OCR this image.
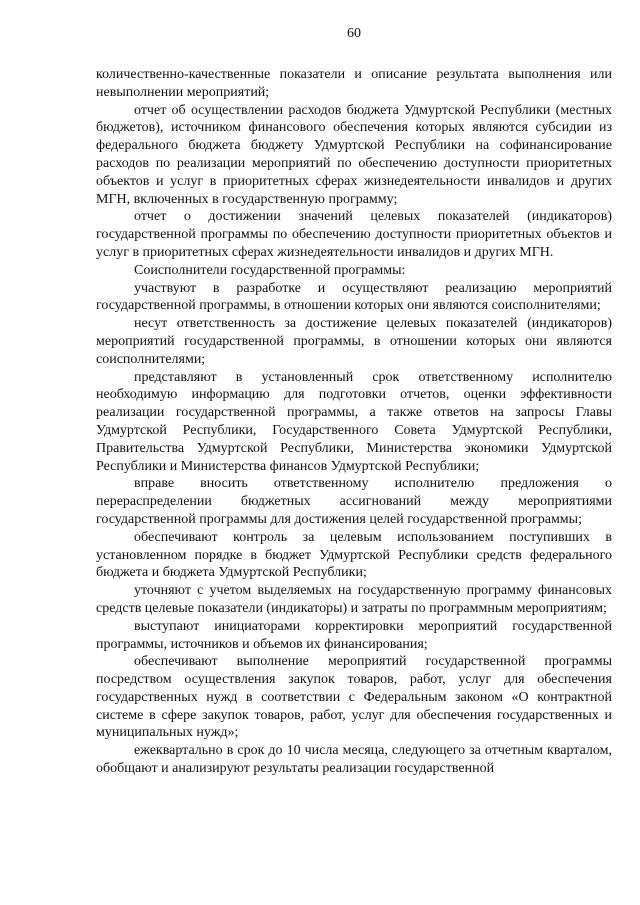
60

количественно-качественные показатели и описание результата выполнения или невыполнении мероприятий;

отчет об осуществлении расходов бюджета Удмуртской Республики (местных бюджетов), источником финансового обеспечения которых являются субсидии из федерального бюджета бюджету Удмуртской Республики на софинансирование расходов по реализации мероприятий по обеспечению доступности приоритетных объектов и услуг в приоритетных сферах жизнедеятельности инвалидов и других МГН, включенных в государственную программу;

отчет о достижении значений целевых показателей (индикаторов) государственной программы по обеспечению доступности приоритетных объектов и услуг в приоритетных сферах жизнедеятельности инвалидов и других МГН.

Соисполнители государственной программы:

участвуют в разработке и осуществляют реализацию мероприятий государственной программы, в отношении которых они являются соисполнителями;

несут ответственность за достижение целевых показателей (индикаторов) мероприятий государственной программы, в отношении которых они являются соисполнителями;

представляют в установленный срок ответственному исполнителю необходимую информацию для подготовки отчетов, оценки эффективности реализации государственной программы, а также ответов на запросы Главы Удмуртской Республики, Государственного Совета Удмуртской Республики, Правительства Удмуртской Республики, Министерства экономики Удмуртской Республики и Министерства финансов Удмуртской Республики;

вправе вносить ответственному исполнителю предложения о перераспределении бюджетных ассигнований между мероприятиями государственной программы для достижения целей государственной программы;

обеспечивают контроль за целевым использованием поступивших в установленном порядке в бюджет Удмуртской Республики средств федерального бюджета и бюджета Удмуртской Республики;

уточняют с учетом выделяемых на государственную программу финансовых средств целевые показатели (индикаторы) и затраты по программным мероприятиям;

выступают инициаторами корректировки мероприятий государственной программы, источников и объемов их финансирования;

обеспечивают выполнение мероприятий государственной программы посредством осуществления закупок товаров, работ, услуг для обеспечения государственных нужд в соответствии с Федеральным законом «О контрактной системе в сфере закупок товаров, работ, услуг для обеспечения государственных и муниципальных нужд»;

ежеквартально в срок до 10 числа месяца, следующего за отчетным кварталом, обобщают и анализируют результаты реализации государственной
